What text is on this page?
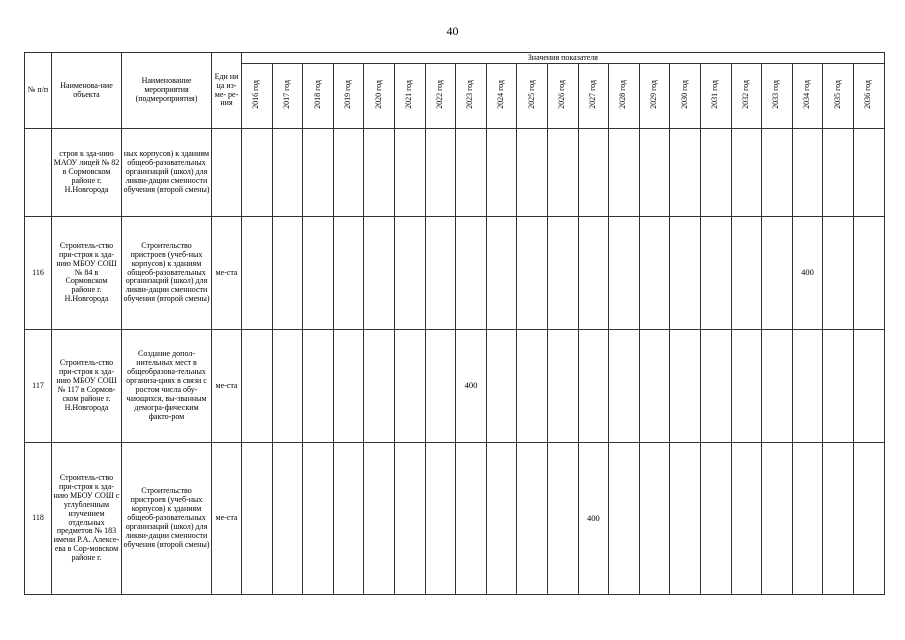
40
№ п/п	Наименова-ние объекта	Наименование мероприятия (подмероприятия)	Еди ни ца из- ме- ре- ния	Значения показателя																				
				2016 год	2017 год	2018 год	2019 год	2020 год	2021 год	2022 год	2023 год	2024 год	2025 год	2026 год	2027 год	2028 год	2029 год	2030 год	2031 год	2032 год	2033 год	2034 год	2035 год	2036 год

	строя к зда-нию МАОУ лицей № 82 в Сормовском районе г. Н.Новгорода	ных корпусов) к зданиям общеоб-разовательных организаций (школ) для ликви-дации сменности обучения (второй смены)																						

116	Строитель-ство при-строя к зда-нию МБОУ СОШ № 84 в Сормовском районе г. Н.Новгорода	Строительство пристроев (учеб-ных корпусов) к зданиям общеоб-разовательных организаций (школ) для ликви-дации сменности обучения (второй смены)	ме-ста																			400		

117	Строитель-ство при-строя к зда-нию МБОУ СОШ № 117 в Сормов-ском районе г. Н.Новгорода	Создание допол-нительных мест в общеобразова-тельных организа-циях в связи с ростом числа обу-чающихся, вы-званным демогра-фическим факто-ром	ме-ста								400													

118	Строитель-ство при-строя к зда-нию МБОУ СОШ с углубленным изучением отдельных предметов № 183 имени Р.А. Алексе-ева в Сор-мовском районе г.	Строительство пристроев (учеб-ных корпусов) к зданиям общеоб-разовательных организаций (школ) для ликви-дации сменности обучения (второй смены)	ме-ста												400									
